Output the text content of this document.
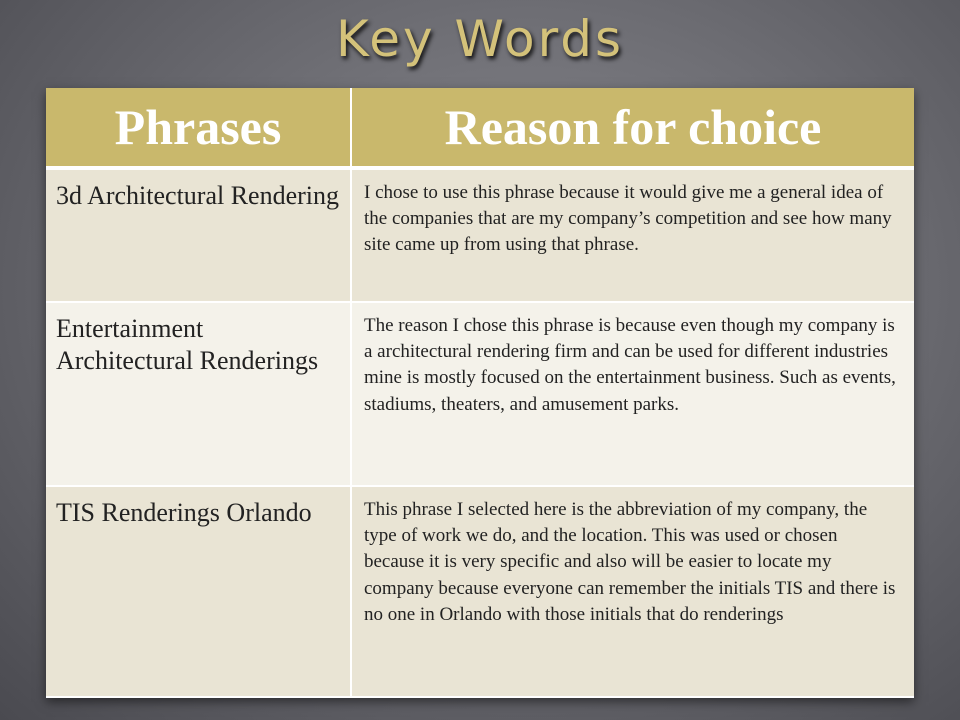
Key Words
Phrases	Reason for choice
3d Architectural Rendering	I chose to use this phrase because it would give me a general idea of the companies that are my company’s competition and see how many site came up from using that phrase.
Entertainment Architectural Renderings	The reason I chose this phrase is because even though my company is a architectural rendering firm and can be used for different industries mine is mostly focused on the entertainment business. Such as events, stadiums, theaters, and amusement parks.
TIS Renderings Orlando	This phrase I selected here is the abbreviation of my company, the type of work we do, and the location. This was used or chosen because it is very specific and also will be easier to locate my company because everyone can remember the initials TIS and there is no one in Orlando with those initials that do renderings
